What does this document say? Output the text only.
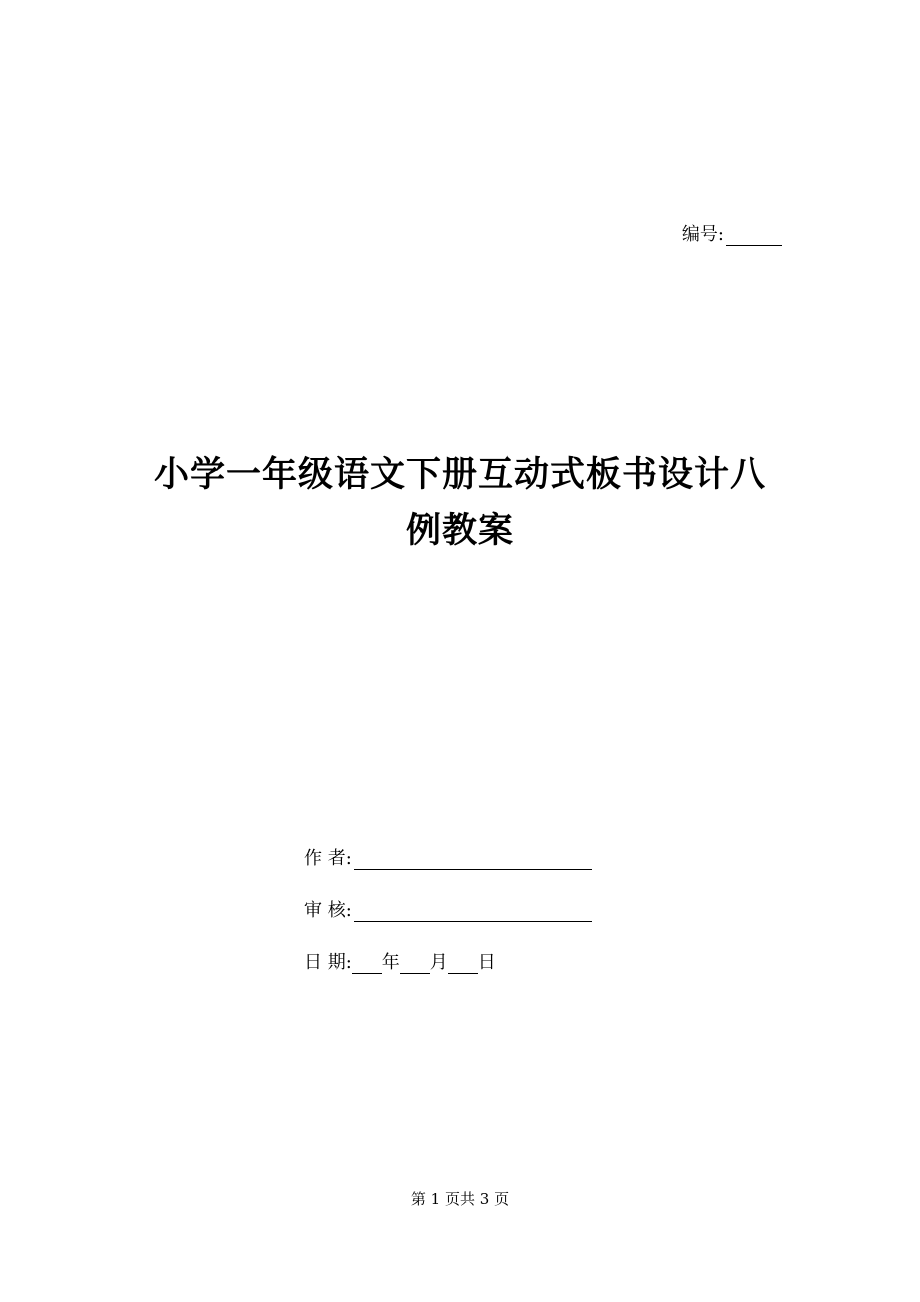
编号:
小学一年级语文下册互动式板书设计八
例教案
作 者:
审 核:
日 期: 年 月 日
第 1 页共 3 页
